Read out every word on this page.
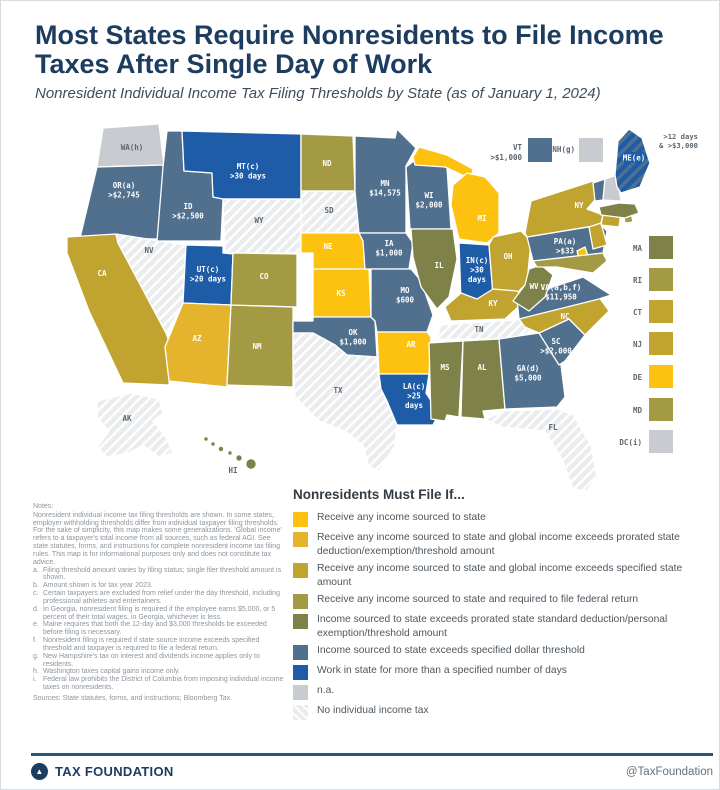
Most States Require Nonresidents to File Income Taxes After Single Day of Work
Nonresident Individual Income Tax Filing Thresholds by State (as of January 1, 2024)
WA(h)
OR(a) >$2,745
CA
NV
ID >$2,500
MT(c) >30 days
WY
UT(c) >20 days
AZ
NM
CO
ND
SD
NE
KS
OK $1,000
TX
MN $14,575
IA $1,000
MO $600
AR
LA(c) >25 days
WI $2,000
IL
MI
IN(c) >30 days
OH
KY
TN
MS	AL	GA(d) $5,000
FL
SC >$2,000
NC
VA(a,b,f) $11,950
WV
PA(a) >$33
NY
AK
HI
ME(e)
>12 days
& >$3,000
VT
>$1,000
NH(g)
MA
RI
CT
NJ
DE
MD
DC(i)
Notes:
Nonresident individual income tax filing thresholds are shown. In some states, employer withholding thresholds differ from individual taxpayer filing thresholds. For the sake of simplicity, this map makes some generalizations. 'Global income' refers to a taxpayer's total income from all sources, such as federal AGI. See state statutes, forms, and instructions for complete nonresident income tax filing rules. This map is for informational purposes only and does not constitute tax advice.
a. Filing threshold amount varies by filing status; single filer threshold amount is shown.
b. Amount shown is for tax year 2023.
c. Certain taxpayers are excluded from relief under the day threshold, including professional athletes and entertainers.
d. In Georgia, nonresident filing is required if the employee earns $5,000, or 5 percent of their total wages, in Georgia, whichever is less.
e. Maine requires that both the 12-day and $3,000 thresholds be exceeded before filing is necessary.
f. Nonresident filing is required if state source income exceeds specified threshold and taxpayer is required to file a federal return.
g. New Hampshire's tax on interest and dividends income applies only to residents.
h. Washington taxes capital gains income only.
i. Federal law prohibits the District of Columbia from imposing individual income taxes on nonresidents.
Sources: State statutes, forms, and instructions; Bloomberg Tax.
Nonresidents Must File If...
Receive any income sourced to state
Receive any income sourced to state and global income exceeds prorated state deduction/exemption/threshold amount
Receive any income sourced to state and global income exceeds specified state amount
Receive any income sourced to state and required to file federal return
Income sourced to state exceeds prorated state standard deduction/personal exemption/threshold amount
Income sourced to state exceeds specified dollar threshold
Work in state for more than a specified number of days
n.a.
No individual income tax
▲ TAX FOUNDATION	@TaxFoundation
